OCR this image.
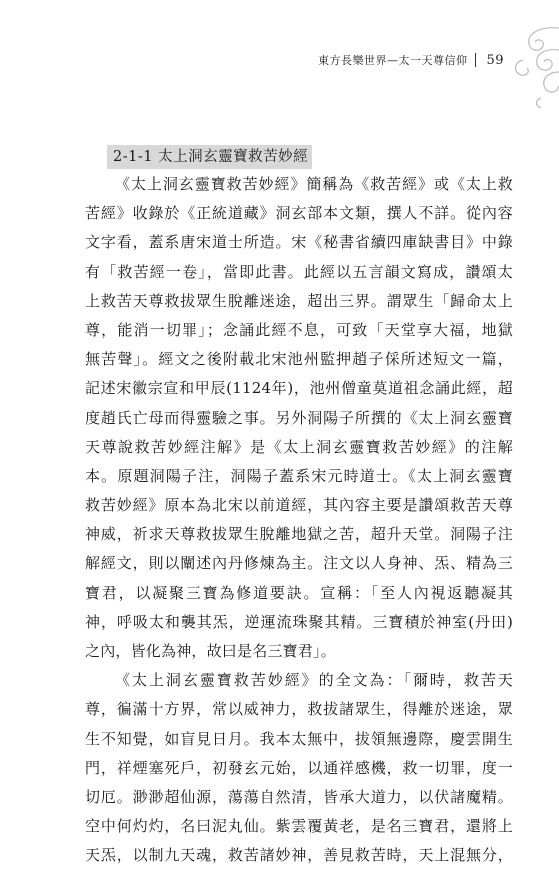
東方長樂世界—太一天尊信仰 59
2-1-1 太上洞玄靈寶救苦妙經
《太上洞玄靈寶救苦妙經》簡稱為《救苦經》或《太上救
苦經》收錄於《正統道藏》洞玄部本文類，撰人不詳。從內容
文字看，蓋系唐宋道士所造。宋《秘書省續四庫缺書目》中錄
有「救苦經一卷」，當即此書。此經以五言韻文寫成，讚頌太
上救苦天尊救拔眾生脫離迷途，超出三界。謂眾生「歸命太上
尊，能消一切罪」；念誦此經不息，可致「天堂享大福，地獄
無苦聲」。經文之後附載北宋池州監押趙子倸所述短文一篇，
記述宋徽宗宣和甲辰(1124年)，池州僧童莫道祖念誦此經，超
度趙氏亡母而得靈驗之事。另外洞陽子所撰的《太上洞玄靈寶
天尊說救苦妙經注解》是《太上洞玄靈寶救苦妙經》的注解
本。原題洞陽子注，洞陽子蓋系宋元時道士。《太上洞玄靈寶
救苦妙經》原本為北宋以前道經，其內容主要是讚頌救苦天尊
神威，祈求天尊救拔眾生脫離地獄之苦，超升天堂。洞陽子注
解經文，則以闡述內丹修煉為主。注文以人身神、炁、精為三
寶君，以凝聚三寶為修道要訣。宣稱：「至人內視返聽凝其
神，呼吸太和襲其炁，逆運流珠聚其精。三寶積於神室(丹田)
之內，皆化為神，故曰是名三寶君」。
《太上洞玄靈寶救苦妙經》的全文為：「爾時，救苦天
尊，徧滿十方界，常以威神力，救拔諸眾生，得離於迷途，眾
生不知覺，如盲見日月。我本太無中，拔領無邊際，慶雲開生
門，祥煙塞死戶，初發玄元始，以通祥感機，救一切罪，度一
切厄。渺渺超仙源，蕩蕩自然清，皆承大道力，以伏諸魔精。
空中何灼灼，名曰泥丸仙。紫雲覆黃老，是名三寶君，還將上
天炁，以制九天魂，救苦諸妙神，善見救苦時，天上混無分，
